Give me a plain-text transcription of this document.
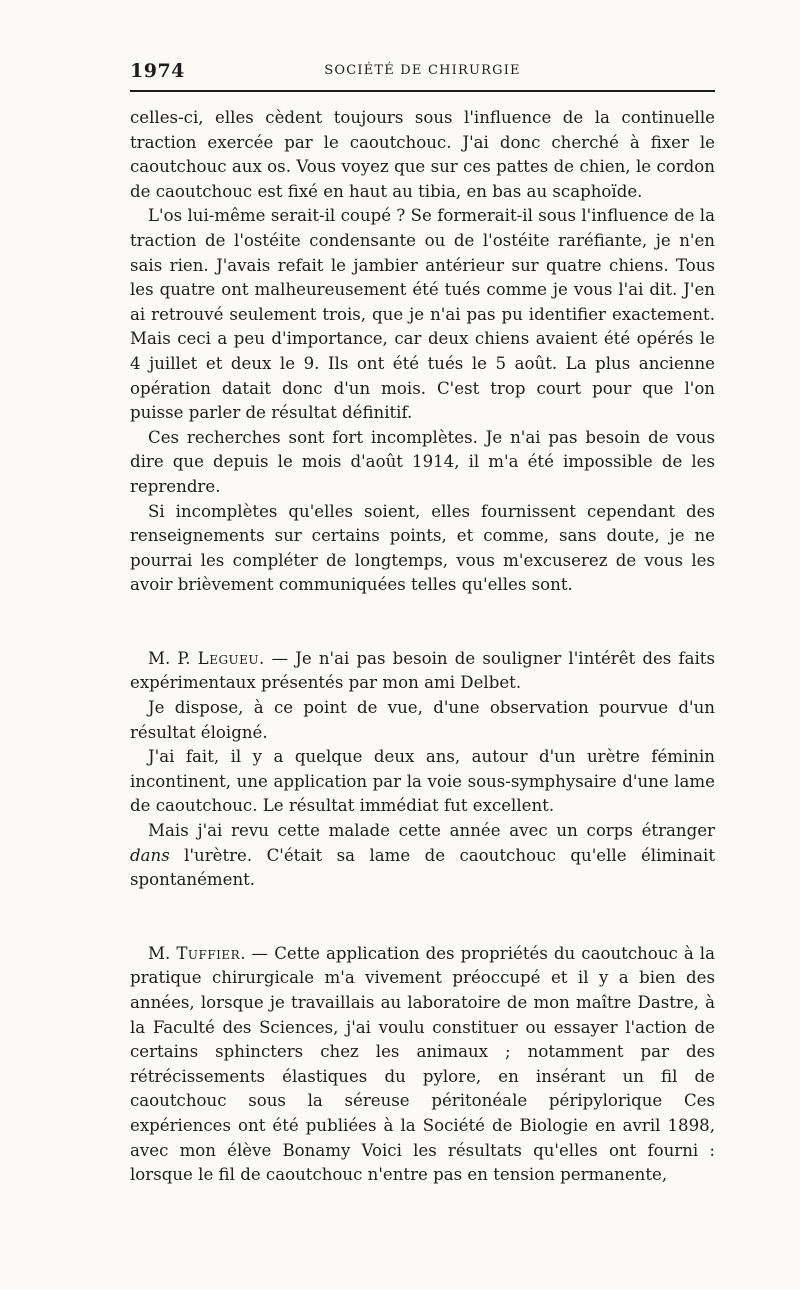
1974	SOCIÉTÉ DE CHIRURGIE

celles-ci, elles cèdent toujours sous l'influence de la continuelle traction exercée par le caoutchouc. J'ai donc cherché à fixer le caoutchouc aux os. Vous voyez que sur ces pattes de chien, le cordon de caoutchouc est fixé en haut au tibia, en bas au scaphoïde.

L'os lui-même serait-il coupé ? Se formerait-il sous l'influence de la traction de l'ostéite condensante ou de l'ostéite raréfiante, je n'en sais rien. J'avais refait le jambier antérieur sur quatre chiens. Tous les quatre ont malheureusement été tués comme je vous l'ai dit. J'en ai retrouvé seulement trois, que je n'ai pas pu identifier exactement. Mais ceci a peu d'importance, car deux chiens avaient été opérés le 4 juillet et deux le 9. Ils ont été tués le 5 août. La plus ancienne opération datait donc d'un mois. C'est trop court pour que l'on puisse parler de résultat définitif.

Ces recherches sont fort incomplètes. Je n'ai pas besoin de vous dire que depuis le mois d'août 1914, il m'a été impossible de les reprendre.

Si incomplètes qu'elles soient, elles fournissent cependant des renseignements sur certains points, et comme, sans doute, je ne pourrai les compléter de longtemps, vous m'excuserez de vous les avoir brièvement communiquées telles qu'elles sont.

M. P. Legueu. — Je n'ai pas besoin de souligner l'intérêt des faits expérimentaux présentés par mon ami Delbet.

Je dispose, à ce point de vue, d'une observation pourvue d'un résultat éloigné.

J'ai fait, il y a quelque deux ans, autour d'un urètre féminin incontinent, une application par la voie sous-symphysaire d'une lame de caoutchouc. Le résultat immédiat fut excellent.

Mais j'ai revu cette malade cette année avec un corps étranger dans l'urètre. C'était sa lame de caoutchouc qu'elle éliminait spontanément.

M. Tuffier. — Cette application des propriétés du caoutchouc à la pratique chirurgicale m'a vivement préoccupé et il y a bien des années, lorsque je travaillais au laboratoire de mon maître Dastre, à la Faculté des Sciences, j'ai voulu constituer ou essayer l'action de certains sphincters chez les animaux ; notamment par des rétrécissements élastiques du pylore, en insérant un fil de caoutchouc sous la séreuse péritonéale péripylorique Ces expériences ont été publiées à la Société de Biologie en avril 1898, avec mon élève Bonamy Voici les résultats qu'elles ont fourni : lorsque le fil de caoutchouc n'entre pas en tension permanente,
